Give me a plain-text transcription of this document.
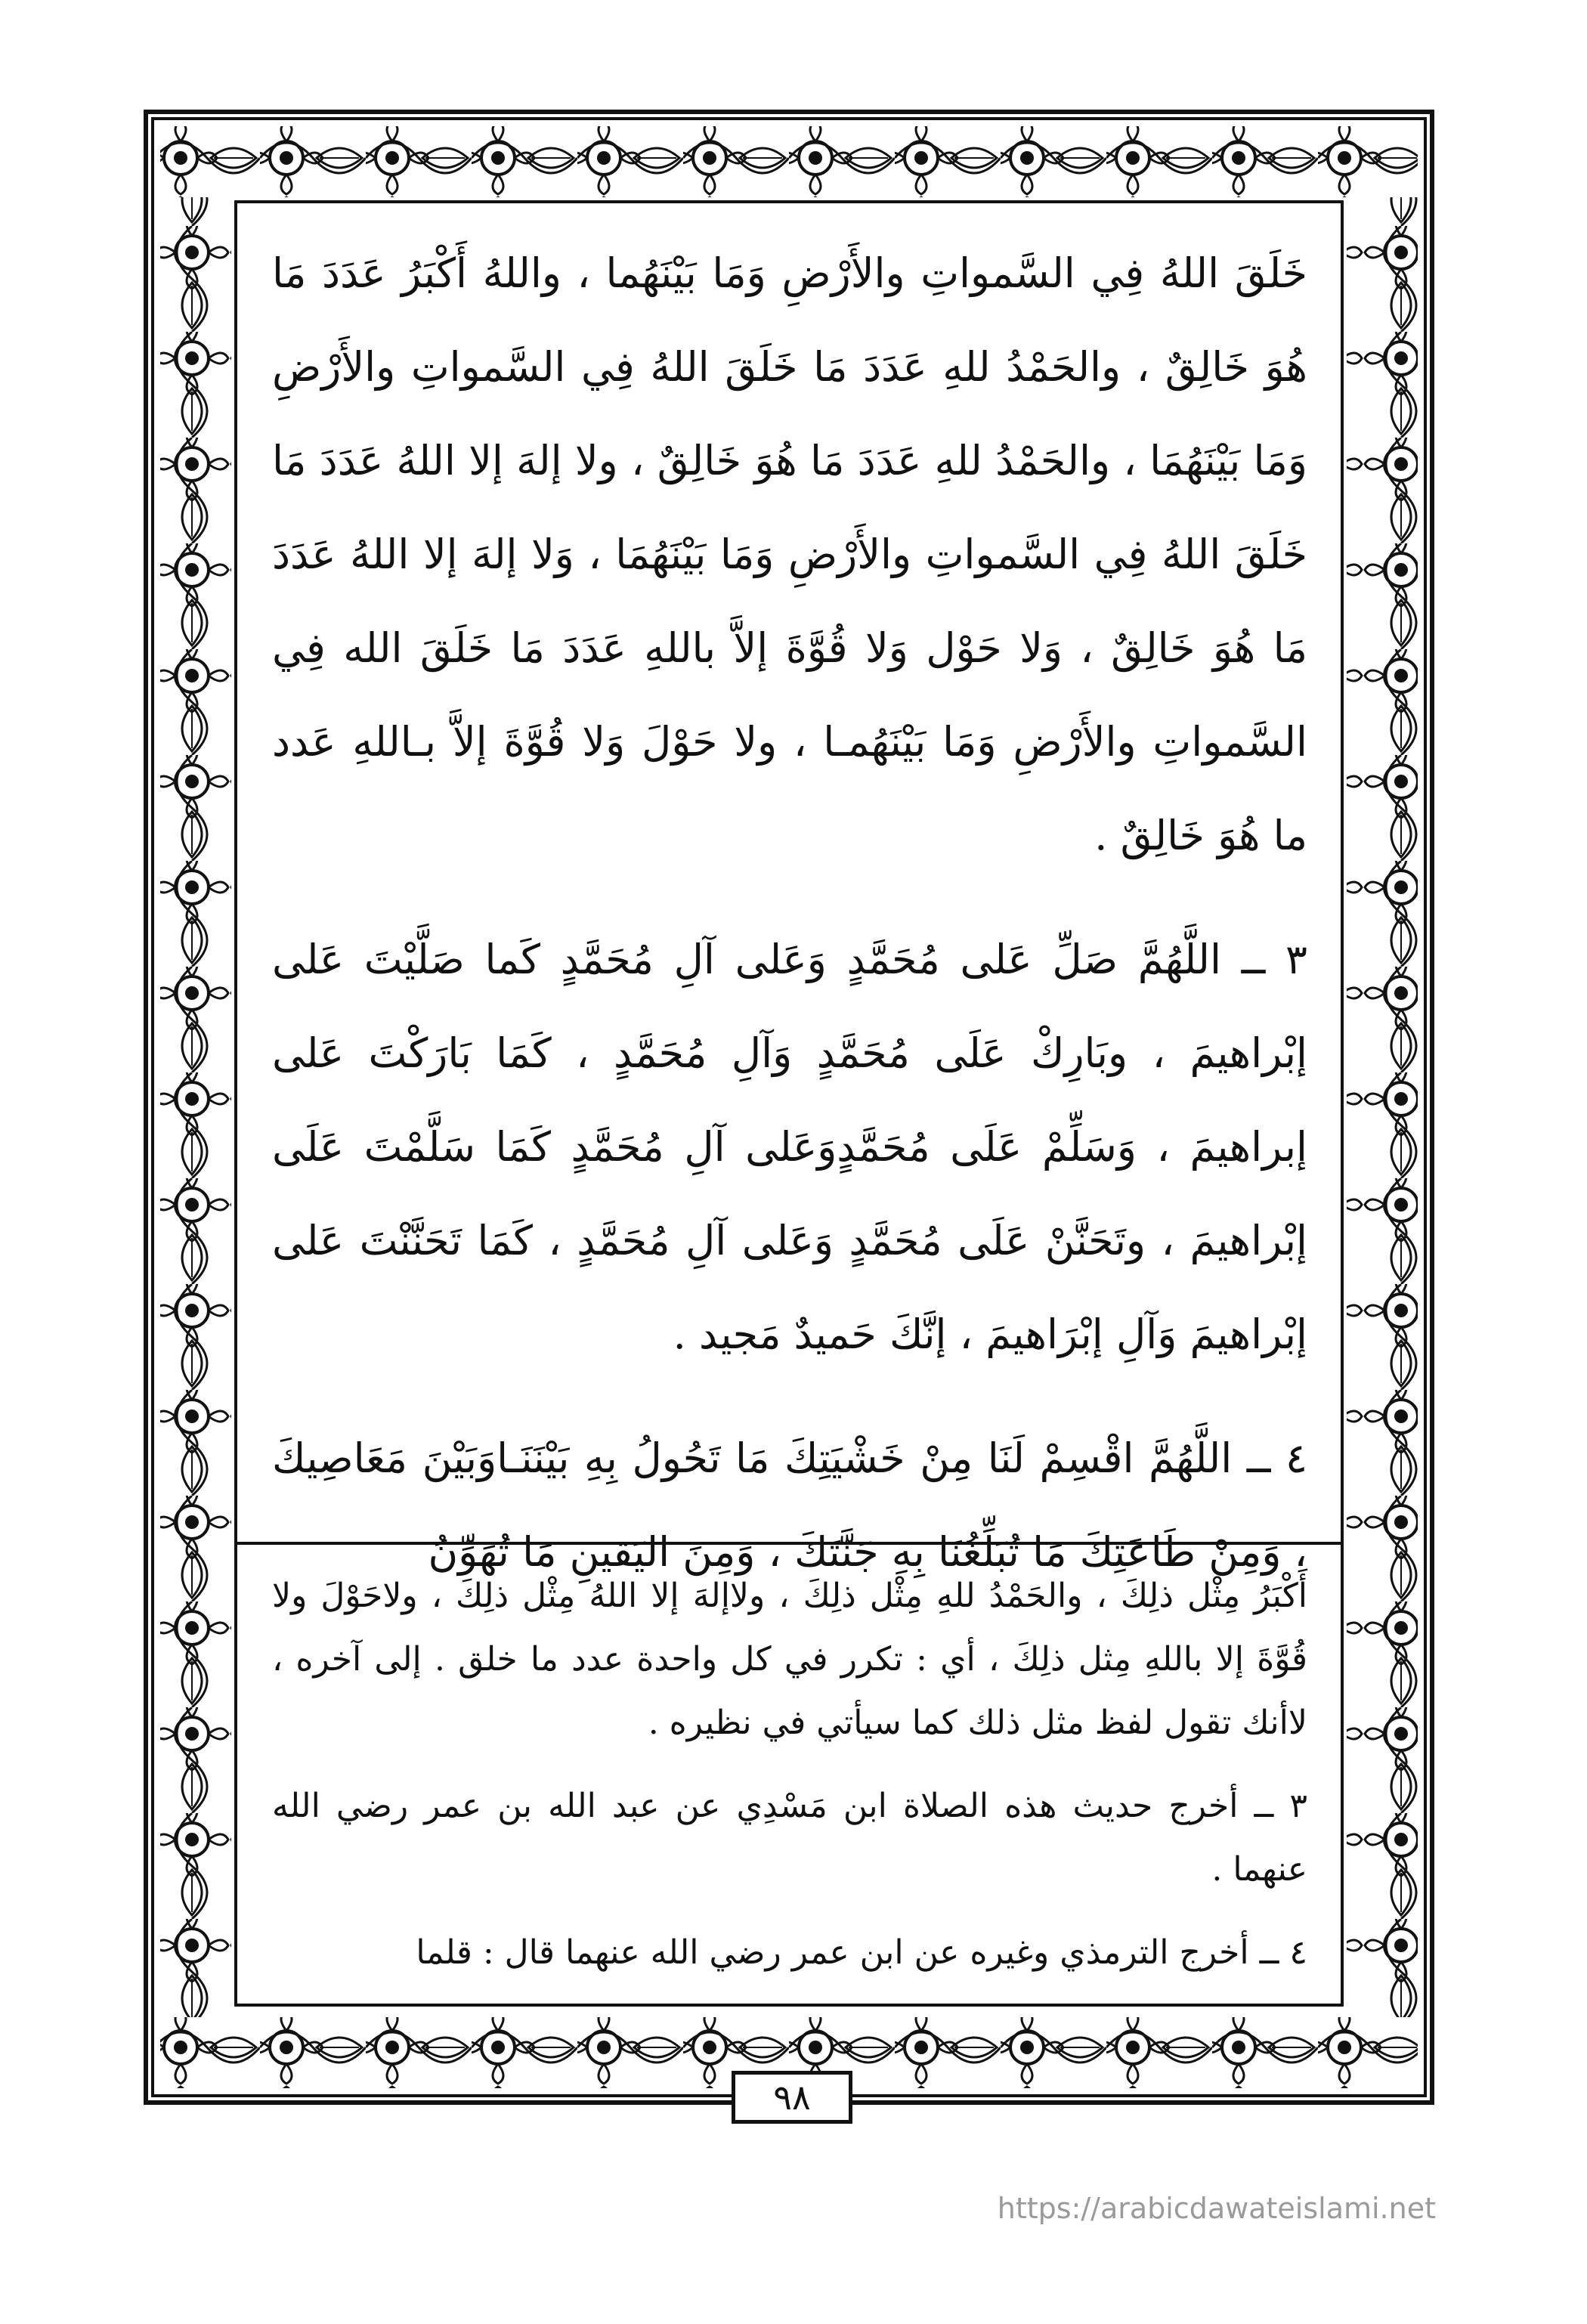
خَلَقَ اللهُ فِي السَّمواتِ والأَرْضِ وَمَا بَيْنَهُما ، واللهُ أَكْبَرُ عَدَدَ مَا هُوَ خَالِقٌ ، والحَمْدُ للهِ عَدَدَ مَا خَلَقَ اللهُ فِي السَّمواتِ والأَرْضِ وَمَا بَيْنَهُمَا ، والحَمْدُ للهِ عَدَدَ مَا هُوَ خَالِقٌ ، ولا إلهَ إلا اللهُ عَدَدَ مَا خَلَقَ اللهُ فِي السَّمواتِ والأَرْضِ وَمَا بَيْنَهُمَا ، وَلا إلهَ إلا اللهُ عَدَدَ مَا هُوَ خَالِقٌ ، وَلا حَوْل وَلا قُوَّةَ إلاَّ باللهِ عَدَدَ مَا خَلَقَ الله فِي السَّمواتِ والأَرْضِ وَمَا بَيْنَهُمـا ، ولا حَوْلَ وَلا قُوَّةَ إلاَّ بـاللهِ عَدد ما هُوَ خَالِقٌ .

٣ ــ اللَّهُمَّ صَلِّ عَلى مُحَمَّدٍ وَعَلى آلِ مُحَمَّدٍ كَما صَلَّيْتَ عَلى إبْراهيمَ ، وبَارِكْ عَلَى مُحَمَّدٍ وَآلِ مُحَمَّدٍ ، كَمَا بَارَكْتَ عَلى إبراهيمَ ، وَسَلِّمْ عَلَى مُحَمَّدٍوَعَلى آلِ مُحَمَّدٍ كَمَا سَلَّمْتَ عَلَى إبْراهيمَ ، وتَحَنَّنْ عَلَى مُحَمَّدٍ وَعَلى آلِ مُحَمَّدٍ ، كَمَا تَحَنَّنْتَ عَلى إبْراهيمَ وَآلِ إبْرَاهيمَ ، إنَّكَ حَميدٌ مَجيد .

٤ ــ اللَّهُمَّ اقْسِمْ لَنَا مِنْ خَشْيَتِكَ مَا تَحُولُ بِهِ بَيْنَنَـاوَبَيْنَ مَعَاصِيكَ ، وَمِنْ طَاعَتِكَ مَا تُبَلِّغُنَا بِهِ جَنَّتَكَ ، وَمِنَ اليَقينِ مَا تُهَوِّنُ

أَكْبَرُ مِثْل ذلِكَ ، والحَمْدُ للهِ مِثْل ذلِكَ ، ولاإلهَ إلا اللهُ مِثْل ذلِكَ ، ولاحَوْلَ ولا قُوَّةَ إلا باللهِ مِثل ذلِكَ ، أي : تكرر في كل واحدة عدد ما خلق . إلى آخره ، لاأنك تقول لفظ مثل ذلك كما سيأتي في نظيره .

٣ ــ أخرج حديث هذه الصلاة ابن مَسْدِي عن عبد الله بن عمر رضي الله عنهما .

٤ ــ أخرج الترمذي وغيره عن ابن عمر رضي الله عنهما قال : قلما

٩٨
https://arabicdawateislami.net
